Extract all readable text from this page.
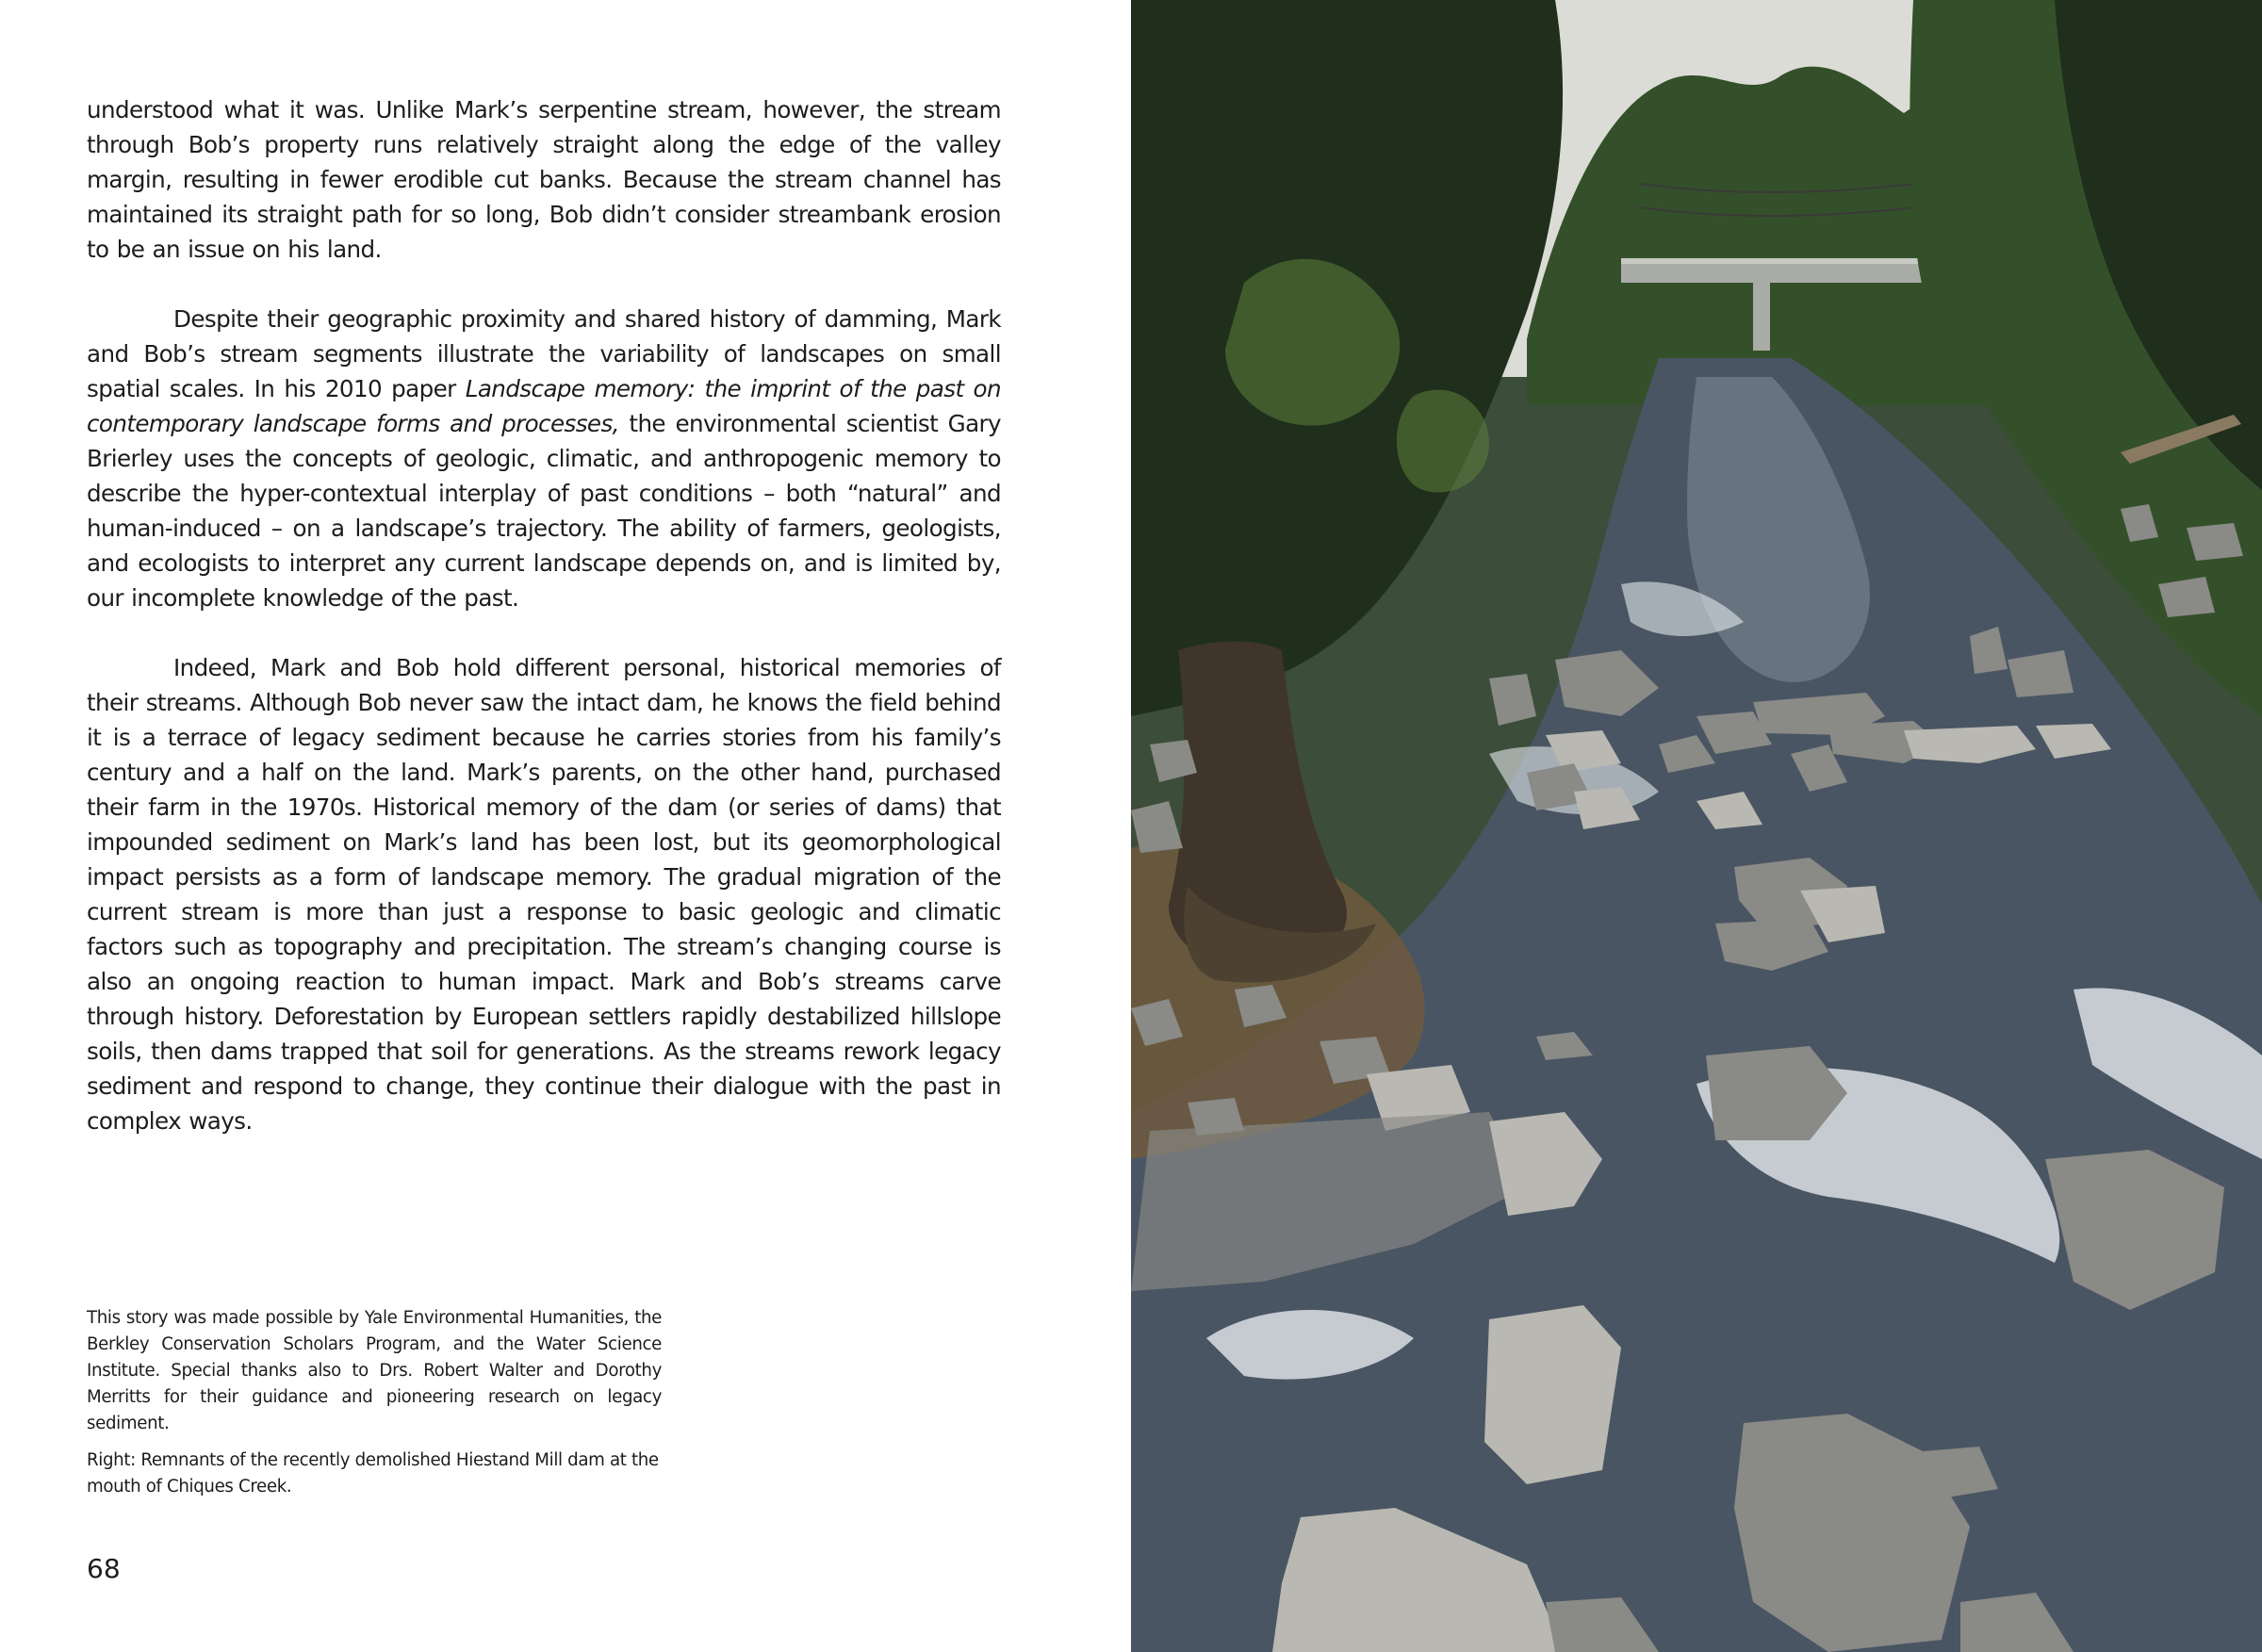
understood what it was. Unlike Mark’s serpentine stream, however, the stream through Bob’s property runs relatively straight along the edge of the valley margin, resulting in fewer erodible cut banks. Because the stream channel has maintained its straight path for so long, Bob didn’t consider streambank erosion to be an issue on his land.

Despite their geographic proximity and shared history of damming, Mark and Bob’s stream segments illustrate the variability of landscapes on small spatial scales. In his 2010 paper Landscape memory: the imprint of the past on contemporary landscape forms and processes, the environmental scientist Gary Brierley uses the concepts of geologic, climatic, and anthropogenic memory to describe the hyper-contextual interplay of past conditions – both “natural” and human-induced – on a landscape’s trajectory. The ability of farmers, geologists, and ecologists to interpret any current landscape depends on, and is limited by, our incomplete knowledge of the past.

Indeed, Mark and Bob hold different personal, historical memories of their streams. Although Bob never saw the intact dam, he knows the field behind it is a terrace of legacy sediment because he carries stories from his family’s century and a half on the land. Mark’s parents, on the other hand, purchased their farm in the 1970s. Historical memory of the dam (or series of dams) that impounded sediment on Mark’s land has been lost, but its geomorphological impact persists as a form of landscape memory. The gradual migration of the current stream is more than just a response to basic geologic and climatic factors such as topography and precipitation. The stream’s changing course is also an ongoing reaction to human impact. Mark and Bob’s streams carve through history. Deforestation by European settlers rapidly destabilized hillslope soils, then dams trapped that soil for generations. As the streams rework legacy sediment and respond to change, they continue their dialogue with the past in complex ways.

This story was made possible by Yale Environmental Humanities, the Berkley Conservation Scholars Program, and the Water Science Institute. Special thanks also to Drs. Robert Walter and Dorothy Merritts for their guidance and pioneering research on legacy sediment.
Right: Remnants of the recently demolished Hiestand Mill dam at the mouth of Chiques Creek.
68
